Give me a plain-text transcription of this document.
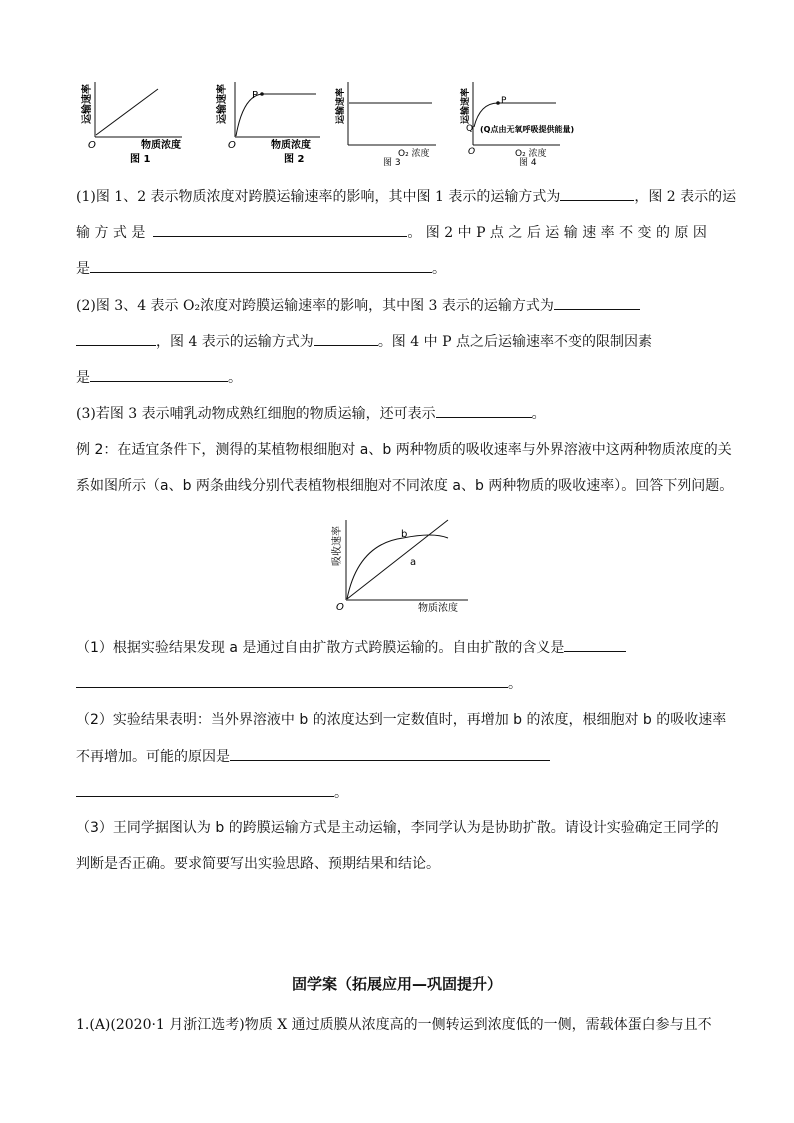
O	物质浓度
图 1
运输速率	P
O	物质浓度
图 2
运输速率
O₂ 浓度
图 3
运输速率	P
Q (Q点由无氧呼吸提供能量)
O	O₂ 浓度
图 4
运输速率
(1)图 1、2 表示物质浓度对跨膜运输速率的影响，其中图 1 表示的运输方式为	，图 2 表示的运
输 方 式 是	。 图 2 中 P 点 之 后 运 输 速 率 不 变 的 原 因
是	。
(2)图 3、4 表示 O₂浓度对跨膜运输速率的影响，其中图 3 表示的运输方式为
，图 4 表示的运输方式为	。图 4 中 P 点之后运输速率不变的限制因素
是	。
(3)若图 3 表示哺乳动物成熟红细胞的物质运输，还可表示	。
例 2：在适宜条件下，测得的某植物根细胞对 a、b 两种物质的吸收速率与外界溶液中这两种物质浓度的关
系如图所示（a、b 两条曲线分别代表植物根细胞对不同浓度 a、b 两种物质的吸收速率）。回答下列问题。
a
b
O	物质浓度
吸收速率
（1）根据实验结果发现 a 是通过自由扩散方式跨膜运输的。自由扩散的含义是
。
（2）实验结果表明：当外界溶液中 b 的浓度达到一定数值时，再增加 b 的浓度，根细胞对 b 的吸收速率
不再增加。可能的原因是
。
（3）王同学据图认为 b 的跨膜运输方式是主动运输，李同学认为是协助扩散。请设计实验确定王同学的
判断是否正确。要求简要写出实验思路、预期结果和结论。
固学案（拓展应用—巩固提升）
1.(A)(2020·1 月浙江选考)物质 X 通过质膜从浓度高的一侧转运到浓度低的一侧，需载体蛋白参与且不
